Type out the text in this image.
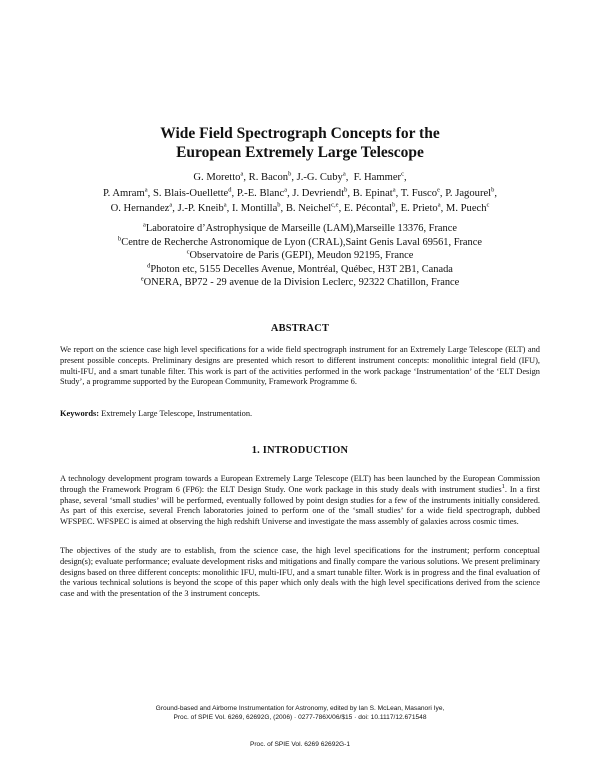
Wide Field Spectrograph Concepts for the
European Extremely Large Telescope
G. Moretto$^a$, R. Bacon$^b$, J.-G. Cuby$^a$,  F. Hammer$^c$,
P. Amram$^a$, S. Blais-Ouellette$^d$, P.-E. Blanc$^a$, J. Devriendt$^b$, B. Epinat$^a$, T. Fusco$^e$, P. Jagourel$^b$,
O. Hernandez$^a$, J.-P. Kneib$^a$, I. Montilla$^b$, B. Neichel$^{c,e}$, E. Pécontal$^b$, E. Prieto$^a$, M. Puech$^c$
$^a$Laboratoire d’Astrophysique de Marseille (LAM),Marseille 13376, France
$^b$Centre de Recherche Astronomique de Lyon (CRAL),Saint Genis Laval 69561, France
$^c$Observatoire de Paris (GEPI), Meudon 92195, France
$^d$Photon etc, 5155 Decelles Avenue, Montréal, Québec, H3T 2B1, Canada
$^e$ONERA, BP72 - 29 avenue de la Division Leclerc, 92322 Chatillon, France
ABSTRACT
We report on the science case high level specifications for a wide field spectrograph instrument for an Extremely Large Telescope (ELT) and present possible concepts. Preliminary designs are presented which resort to different instrument concepts: monolithic integral field (IFU), multi-IFU, and a smart tunable filter. This work is part of the activities performed in the work package ‘Instrumentation’ of the ‘ELT Design Study’, a programme supported by the European Community, Framework Programme 6.
Keywords: Extremely Large Telescope, Instrumentation.
1. INTRODUCTION
A technology development program towards a European Extremely Large Telescope (ELT) has been launched by the European Commission through the Framework Program 6 (FP6): the ELT Design Study. One work package in this study deals with instrument studies$^1$. In a first phase, several ‘small studies’ will be performed, eventually followed by point design studies for a few of the instruments initially considered. As part of this exercise, several French laboratories joined to perform one of the ‘small studies’ for a wide field spectrograph, dubbed WFSPEC. WFSPEC is aimed at observing the high redshift Universe and investigate the mass assembly of galaxies across cosmic times.
The objectives of the study are to establish, from the science case, the high level specifications for the instrument; perform conceptual design(s); evaluate performance; evaluate development risks and mitigations and finally compare the various solutions. We present preliminary designs based on three different concepts: monolithic IFU, multi-IFU, and a smart tunable filter. Work is in progress and the final evaluation of the various technical solutions is beyond the scope of this paper which only deals with the high level specifications derived from the science case and with the presentation of the 3 instrument concepts.
Ground-based and Airborne Instrumentation for Astronomy, edited by Ian S. McLean, Masanori Iye,
Proc. of SPIE Vol. 6269, 62692G, (2006) · 0277-786X/06/$15 · doi: 10.1117/12.671548
Proc. of SPIE Vol. 6269 62692G-1
